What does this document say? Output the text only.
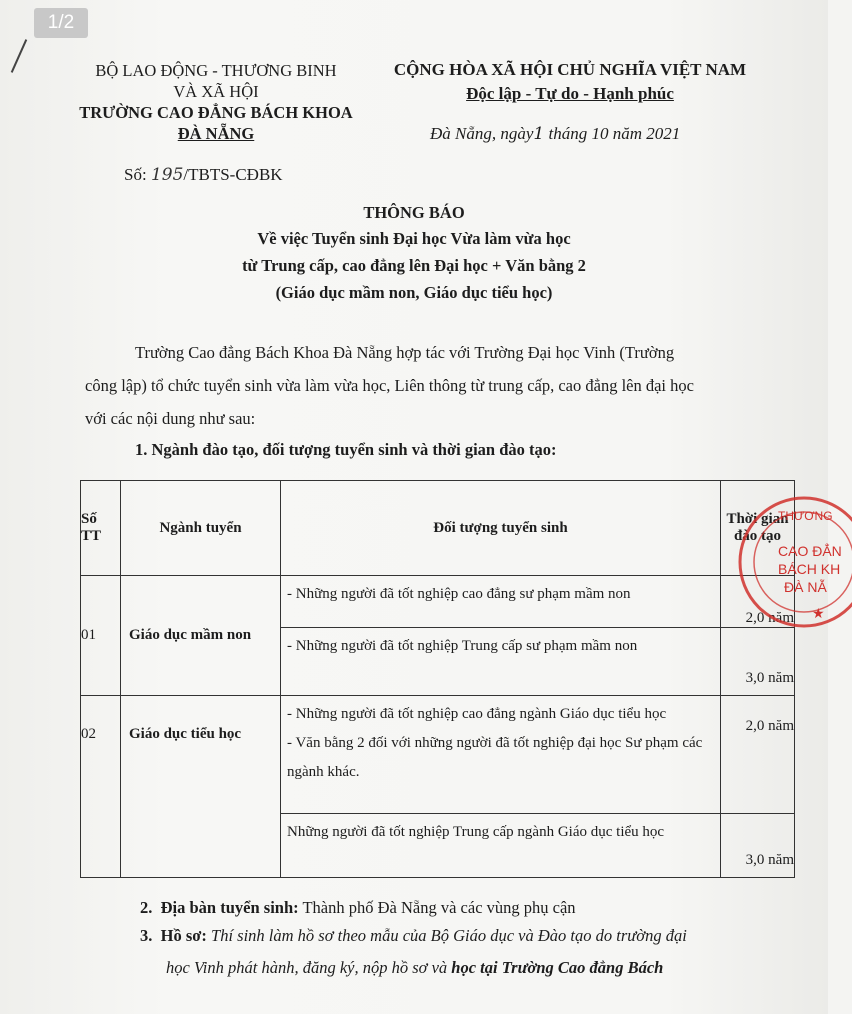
1/2
BỘ LAO ĐỘNG - THƯƠNG BINH
VÀ XÃ HỘI
TRƯỜNG CAO ĐẲNG BÁCH KHOA
ĐÀ NẴNG
CỘNG HÒA XÃ HỘI CHỦ NGHĨA VIỆT NAM
Độc lập - Tự do - Hạnh phúc
Đà Nẵng, ngày1 tháng 10 năm 2021
Số: 195/TBTS-CĐBK
THÔNG BÁO
Về việc Tuyển sinh Đại học Vừa làm vừa học
từ Trung cấp, cao đẳng lên Đại học + Văn bằng 2
(Giáo dục mầm non, Giáo dục tiểu học)
Trường Cao đẳng Bách Khoa Đà Nẵng hợp tác với Trường Đại học Vinh (Trường
công lập) tổ chức tuyển sinh vừa làm vừa học, Liên thông từ trung cấp, cao đẳng lên đại học
với các nội dung như sau:
1. Ngành đào tạo, đối tượng tuyển sinh và thời gian đào tạo:
Số TT	Ngành tuyển	Đối tượng tuyển sinh	Thời gian đào tạo
01	Giáo dục mầm non	- Những người đã tốt nghiệp cao đẳng sư phạm mầm non	2,0 năm

		- Những người đã tốt nghiệp Trung cấp sư phạm mầm non	3,0 năm
02	Giáo dục tiểu học	- Những người đã tốt nghiệp cao đẳng ngành Giáo dục tiểu học
- Văn bằng 2 đối với những người đã tốt nghiệp đại học Sư phạm các ngành khác.	2,0 năm

		Những người đã tốt nghiệp Trung cấp ngành Giáo dục tiểu học	3,0 năm
THƯƠNG
CAO ĐẲN
BÁCH KH
ĐÀ NẴ
★
2. Địa bàn tuyển sinh: Thành phố Đà Nẵng và các vùng phụ cận
3. Hồ sơ: Thí sinh làm hồ sơ theo mẫu của Bộ Giáo dục và Đào tạo do trường đại
học Vinh phát hành, đăng ký, nộp hồ sơ và học tại Trường Cao đẳng Bách
